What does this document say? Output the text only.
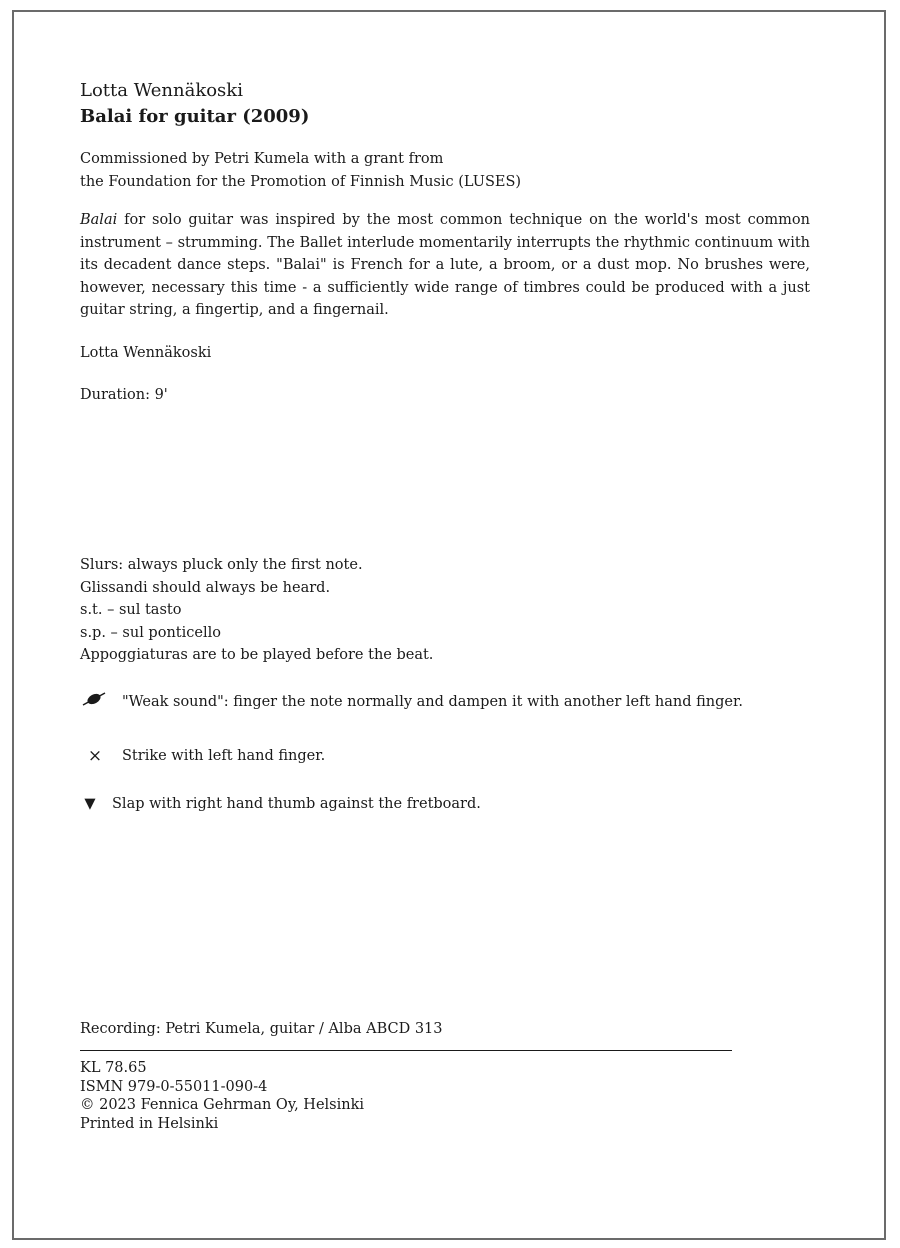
Lotta Wennäkoski

Balai for guitar (2009)

Commissioned by Petri Kumela with a grant from
the Foundation for the Promotion of Finnish Music (LUSES)
Balai for solo guitar was inspired by the most common technique on the world's most common instrument – strumming. The Ballet interlude momentarily interrupts the rhythmic continuum with its decadent dance steps. "Balai" is French for a lute, a broom, or a dust mop. No brushes were, however, necessary this time - a sufficiently wide range of timbres could be produced with a just guitar string, a fingertip, and a fingernail.
Lotta Wennäkoski
Duration: 9'
Slurs: always pluck only the first note.
Glissandi should always be heard.
s.t. – sul tasto
s.p. – sul ponticello
Appoggiaturas are to be played before the beat.
"Weak sound": finger the note normally and dampen it with another left hand finger.
×	Strike with left hand finger.
▼	Slap with right hand thumb against the fretboard.
Recording: Petri Kumela, guitar / Alba ABCD 313
KL 78.65
ISMN 979-0-55011-090-4
© 2023 Fennica Gehrman Oy, Helsinki
Printed in Helsinki
